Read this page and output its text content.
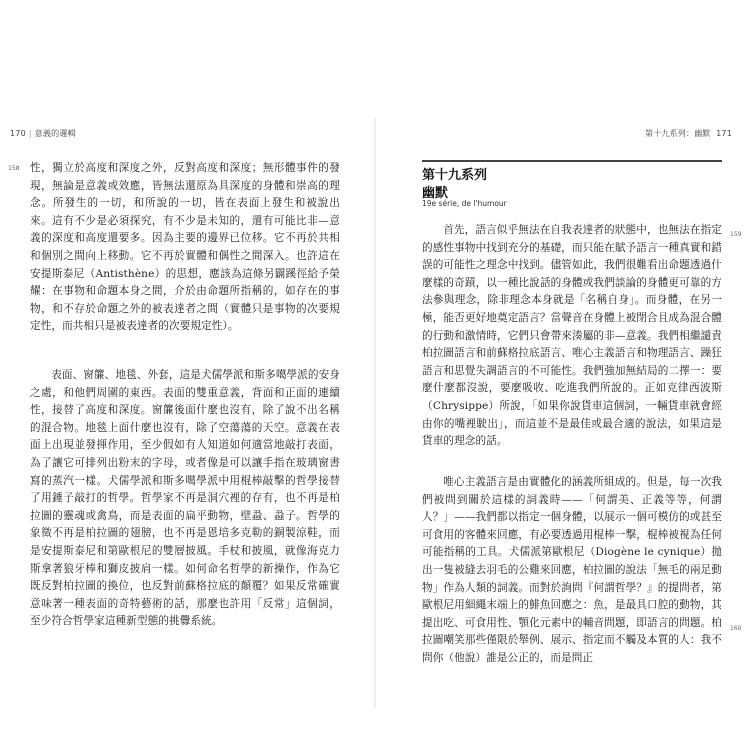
170 | 意義的邏輯
158 性，獨立於高度和深度之外，反對高度和深度；無形體事件的發現，無論是意義或效應，皆無法還原為具深度的身體和崇高的理念。所發生的一切，和所說的一切，皆在表面上發生和被說出來。這有不少是必須探究，有不少是未知的，還有可能比非—意義的深度和高度還要多。因為主要的邊界已位移。它不再於共相和個別之間向上移動。它不再於實體和偶性之間深入。也許這在安提斯泰尼（Antisthène）的思想，應該為這條另闢蹊徑給予榮耀：在事物和命題本身之間，介於由命題所指稱的，如存在的事物，和不存於命題之外的被表達者之間（實體只是事物的次要規定性，而共相只是被表達者的次要規定性）。

表面、窗簾、地毯、外套，這是犬儒學派和斯多噶學派的安身之處，和他們周圍的東西。表面的雙重意義，背面和正面的連續性，接替了高度和深度。窗簾後面什麼也沒有，除了說不出名稱的混合物。地毯上面什麼也沒有，除了空蕩蕩的天空。意義在表面上出現並發揮作用，至少假如有人知道如何適當地敲打表面，為了讓它可排列出粉末的字母，或者像是可以讓手指在玻璃窗書寫的蒸汽一樣。犬儒學派和斯多噶學派中用棍棒敲擊的哲學接替了用錘子敲打的哲學。哲學家不再是洞穴裡的存有，也不再是柏拉圖的靈魂或禽鳥，而是表面的扁平動物，壁蝨、蝨子。哲學的象徵不再是柏拉圖的翅膀，也不再是恩培多克勒的銅製涼鞋，而是安提斯泰尼和第歐根尼的雙層披風。手杖和披風，就像海克力斯拿著狼牙棒和獅皮披肩一樣。如何命名哲學的新操作，作為它既反對柏拉圖的換位，也反對前蘇格拉底的顛覆？如果反常確實意味著一種表面的奇特藝術的話，那麼也許用「反常」這個詞，至少符合哲學家這種新型態的挑釁系統。

第十九系列：幽默 171
第十九系列
幽默
19e série, de l'humour
159
160

首先，語言似乎無法在自我表達者的狀態中，也無法在指定的感性事物中找到充分的基礎，而只能在賦予語言一種真實和錯誤的可能性之理念中找到。儘管如此，我們很難看出命題透過什麼樣的奇蹟，以一種比說話的身體或我們談論的身體更可靠的方法參與理念，除非理念本身就是「名稱自身」。而身體，在另一極，能否更好地奠定語言？當聲音在身體上被閉合且成為混合體的行動和激情時，它們只會帶來湊屬的非—意義。我們相繼譴責柏拉圖語言和前蘇格拉底語言、唯心主義語言和物理語言、躁狂語言和思覺失調語言的不可能性。我們強加無結局的二擇一：要麼什麼都沒說，要麼吸收、吃進我們所說的。正如克律西波斯（Chrysippe）所說，「如果你說貨車這個詞，一輛貨車就會經由你的嘴裡駛出」，而這並不是最佳或最合適的說法，如果這是貨車的理念的話。

唯心主義語言是由實體化的涵義所組成的。但是，每一次我們被問到關於這樣的詞義時——「何謂美、正義等等，何謂人？」——我們都以指定一個身體，以展示一個可模仿的或甚至可食用的客體來回應，有必要透過用棍棒一擊，棍棒被視為任何可能指稱的工具。犬儒派第歐根尼（Diogène le cynique）拋出一隻被縫去羽毛的公雞來回應，柏拉圖的說法「無毛的兩足動物」作為人類的詞義。而對於詢問『何謂哲學？』的提問者，第歐根尼用細繩末端上的鯡魚回應之：魚，是最具口腔的動物，其提出吃、可食用性、顎化元素中的輔音問題，即語言的問題。柏拉圖嘲笑那些僅限於舉例、展示、指定而不觸及本質的人：我不問你（他說）誰是公正的，而是問正
